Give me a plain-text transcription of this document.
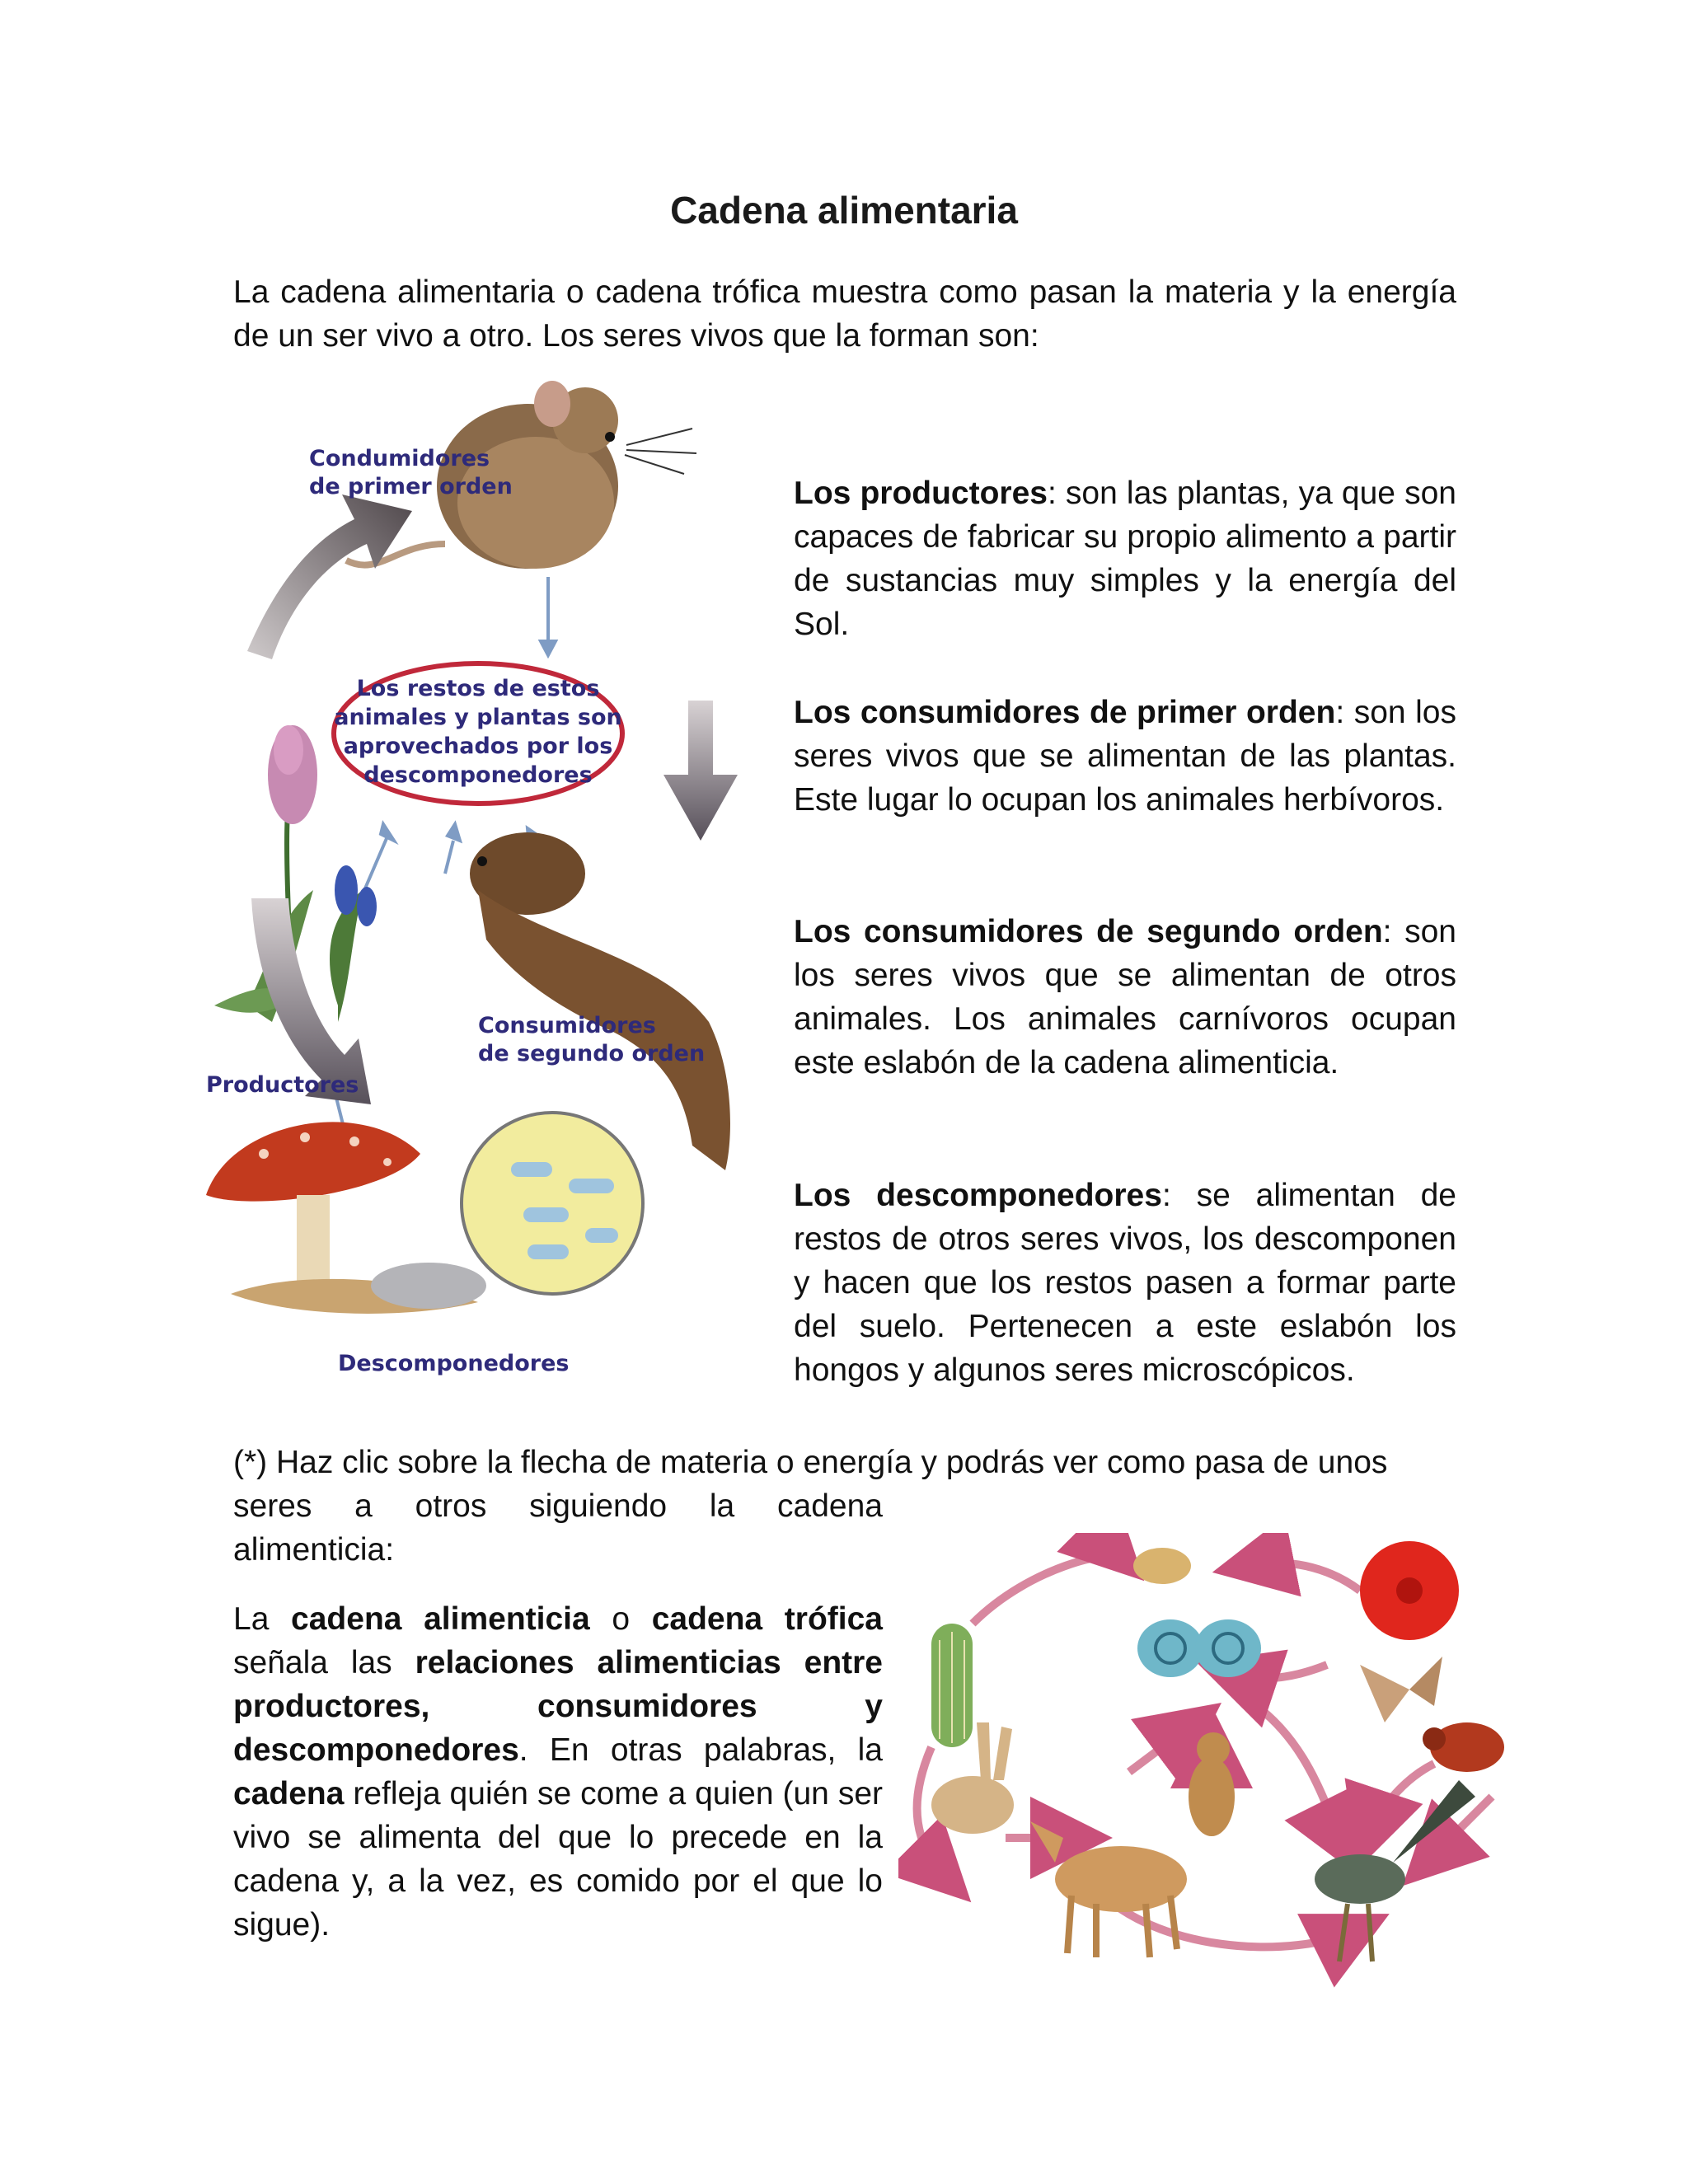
Cadena alimentaria

La cadena alimentaria o cadena trófica muestra como pasan la materia y la energía de un ser vivo a otro. Los seres vivos que la forman son:

Condumidores
de primer orden
Los restos de estos
animales y plantas son
aprovechados por los
descomponedores
Consumidores
de segundo orden
Productores
Descomponedores

Los productores: son las plantas, ya que son capaces de fabricar su propio alimento a partir de sustancias muy simples y la energía del Sol.

Los consumidores de primer orden: son los seres vivos que se alimentan de las plantas. Este lugar lo ocupan los animales herbívoros.

Los consumidores de segundo orden: son los seres vivos que se alimentan de otros animales. Los animales carnívoros ocupan este eslabón de la cadena alimenticia.

Los descomponedores: se alimentan de restos de otros seres vivos, los descomponen y hacen que los restos pasen a formar parte del suelo. Pertenecen a este eslabón los hongos y algunos seres microscópicos.

(*) Haz clic sobre la flecha de materia o energía y podrás ver como pasa de unos
seres a otros siguiendo la cadena
alimenticia:

La cadena alimenticia o cadena trófica señala las relaciones alimenticias entre productores, consumidores y descomponedores. En otras palabras, la cadena refleja quién se come a quien (un ser vivo se alimenta del que lo precede en la cadena y, a la vez, es comido por el que lo sigue).
